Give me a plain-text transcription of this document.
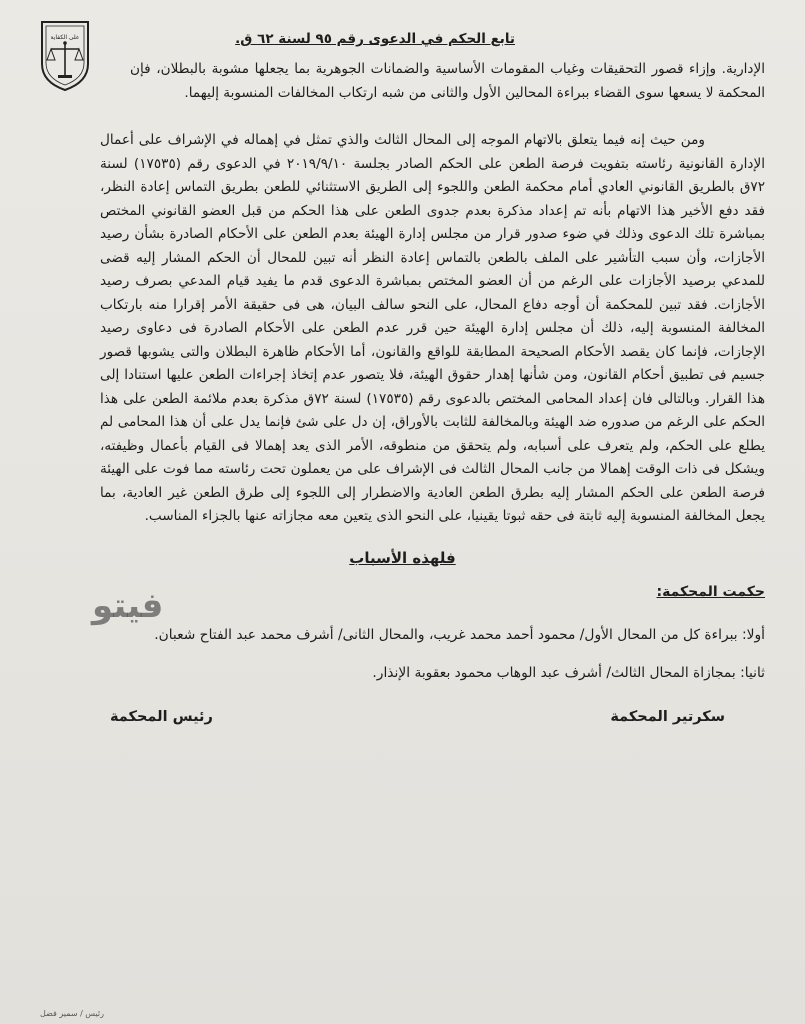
على الكفاية	تابع الحكم في الدعوى رقم ٩٥ لسنة ٦٢ ق.

الإدارية. وإزاء قصور التحقيقات وغياب المقومات الأساسية والضمانات الجوهرية بما يجعلها مشوبة بالبطلان، فإن المحكمة لا يسعها سوى القضاء ببراءة المحالين الأول والثانى من شبه ارتكاب المخالفات المنسوبة إليهما.

ومن حيث إنه فيما يتعلق بالاتهام الموجه إلى المحال الثالث والذي تمثل في إهماله في الإشراف على أعمال الإدارة القانونية رئاسته بتفويت فرصة الطعن على الحكم الصادر بجلسة ٢٠١٩/٩/١٠ في الدعوى رقم (١٧٥٣٥) لسنة ٧٢ق بالطريق القانوني العادي أمام محكمة الطعن واللجوء إلى الطريق الاستثنائي للطعن بطريق التماس إعادة النظر، فقد دفع الأخير هذا الاتهام بأنه تم إعداد مذكرة بعدم جدوى الطعن على هذا الحكم من قبل العضو القانوني المختص بمباشرة تلك الدعوى وذلك في ضوء صدور قرار من مجلس إدارة الهيئة بعدم الطعن على الأحكام الصادرة بشأن رصيد الأجازات، وأن سبب التأشير على الملف بالطعن بالتماس إعادة النظر أنه تبين للمحال أن الحكم المشار إليه قضى للمدعي برصيد الأجازات على الرغم من أن العضو المختص بمباشرة الدعوى قدم ما يفيد قيام المدعي بصرف رصيد الأجازات. فقد تبين للمحكمة أن أوجه دفاع المحال، على النحو سالف البيان، هى فى حقيقة الأمر إقرارا منه بارتكاب المخالفة المنسوبة إليه، ذلك أن مجلس إدارة الهيئة حين قرر عدم الطعن على الأحكام الصادرة فى دعاوى رصيد الإجازات، فإنما كان يقصد الأحكام الصحيحة المطابقة للواقع والقانون، أما الأحكام ظاهرة البطلان والتى يشوبها قصور جسيم فى تطبيق أحكام القانون، ومن شأنها إهدار حقوق الهيئة، فلا يتصور عدم إتخاذ إجراءات الطعن عليها استنادا إلى هذا القرار. وبالتالى فان إعداد المحامى المختص بالدعوى رقم (١٧٥٣٥) لسنة ٧٢ق مذكرة بعدم ملائمة الطعن على هذا الحكم على الرغم من صدوره ضد الهيئة وبالمخالفة للثابت بالأوراق، إن دل على شئ فإنما يدل على أن هذا المحامى لم يطلع على الحكم، ولم يتعرف على أسبابه، ولم يتحقق من منطوقه، الأمر الذى يعد إهمالا فى القيام بأعمال وظيفته، ويشكل فى ذات الوقت إهمالا من جانب المحال الثالث فى الإشراف على من يعملون تحت رئاسته مما فوت على الهيئة فرصة الطعن على الحكم المشار إليه بطرق الطعن العادية والاضطرار إلى اللجوء إلى طرق الطعن غير العادية، بما يجعل المخالفة المنسوبة إليه ثابتة فى حقه ثبوتا يقينيا، على النحو الذى يتعين معه مجازاته عنها بالجزاء المناسب.

فلهذه الأسباب
حكمت المحكمة:

أولا: ببراءة كل من المحال الأول/ محمود أحمد محمد غريب، والمحال الثانى/ أشرف محمد عبد الفتاح شعبان.

ثانيا: بمجازاة المحال الثالث/ أشرف عبد الوهاب محمود بعقوبة الإنذار.

سكرتير المحكمة
رئيس المحكمة
فيتو
رئيس / سمير فضل
